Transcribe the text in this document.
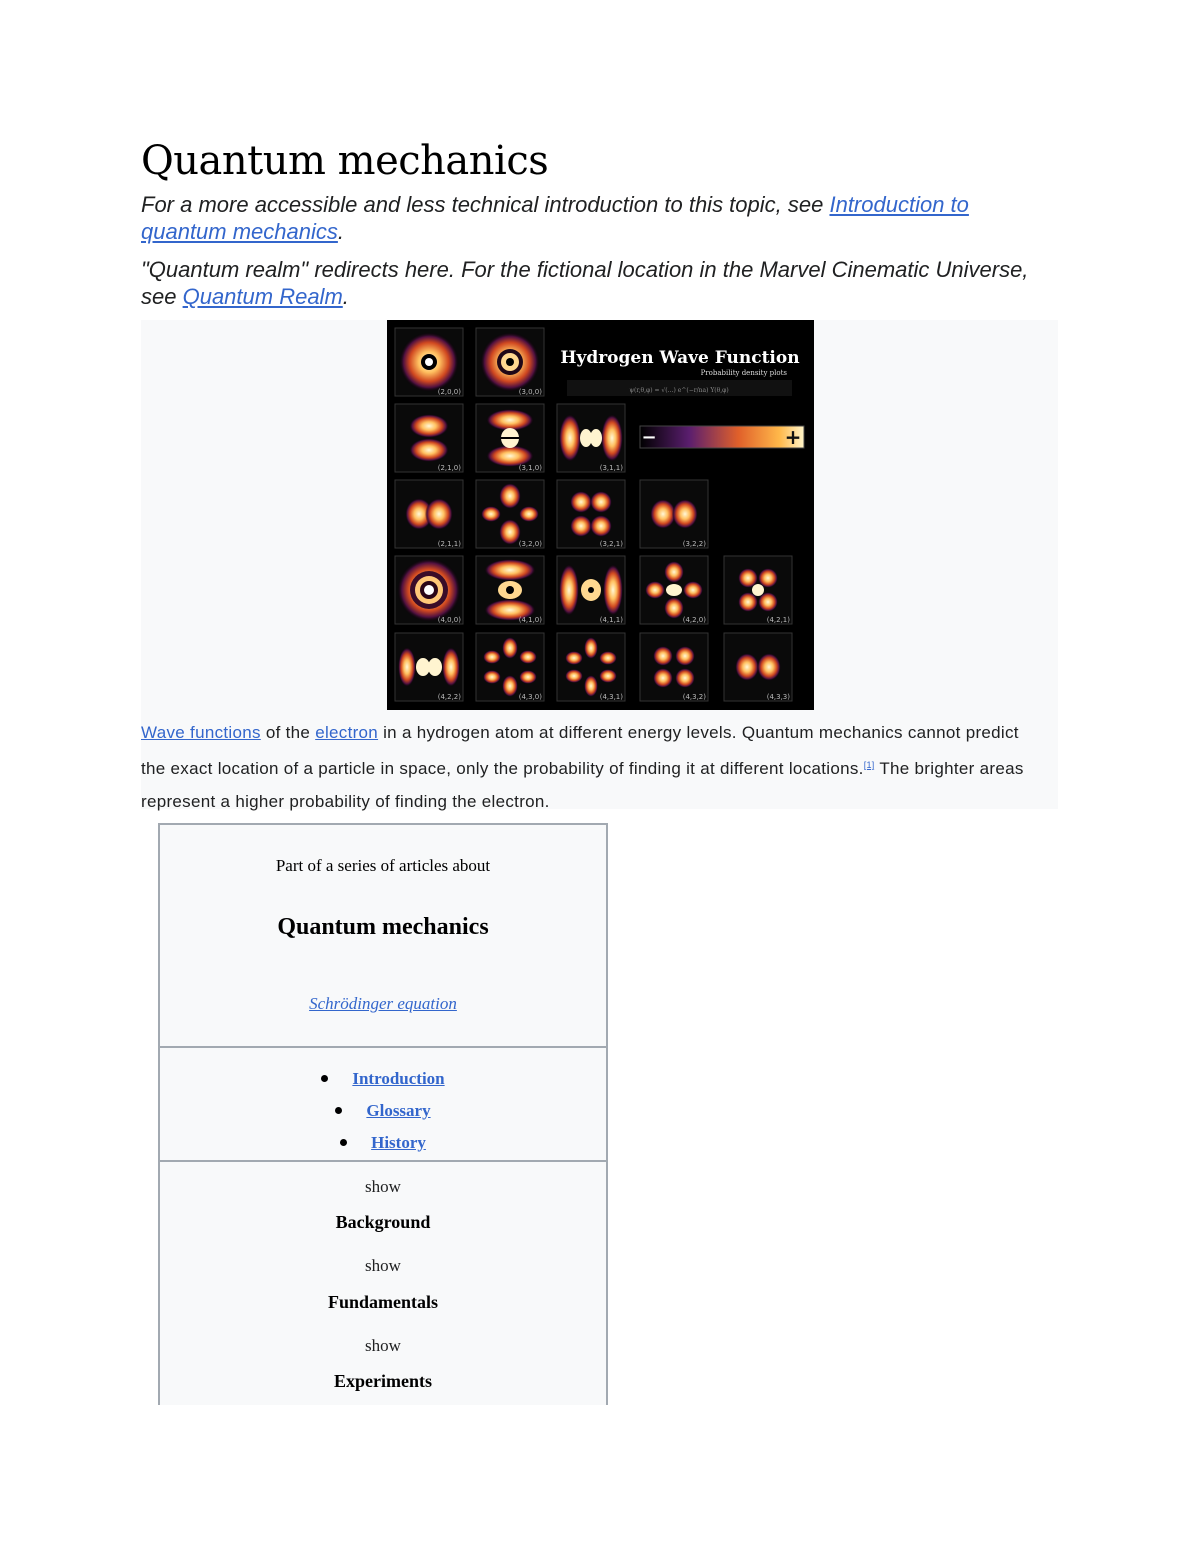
Quantum mechanics

For a more accessible and less technical introduction to this topic, see Introduction to quantum mechanics.

"Quantum realm" redirects here. For the fictional location in the Marvel Cinematic Universe, see Quantum Realm.

(2,0,0)	(3,0,0)
Hydrogen Wave Function
Probability density plots
ψ(r,θ,φ) = √(…) e^(−r/na) Y(θ,φ)
(2,1,0)	(3,1,0)	(3,1,1)
−	+
(2,1,1)	(3,2,0)	(3,2,1)	(3,2,2)
(4,0,0)	(4,1,0)	(4,1,1)	(4,2,0)	(4,2,1)
(4,2,2)	(4,3,0)	(4,3,1)	(4,3,2)	(4,3,3)
Wave functions of the electron in a hydrogen atom at different energy levels. Quantum mechanics cannot predict the exact location of a particle in space, only the probability of finding it at different locations.[1] The brighter areas represent a higher probability of finding the electron.
Part of a series of articles about
Quantum mechanics
Schrödinger equation
Introduction
Glossary
History
show
Background
show
Fundamentals
show
Experiments
